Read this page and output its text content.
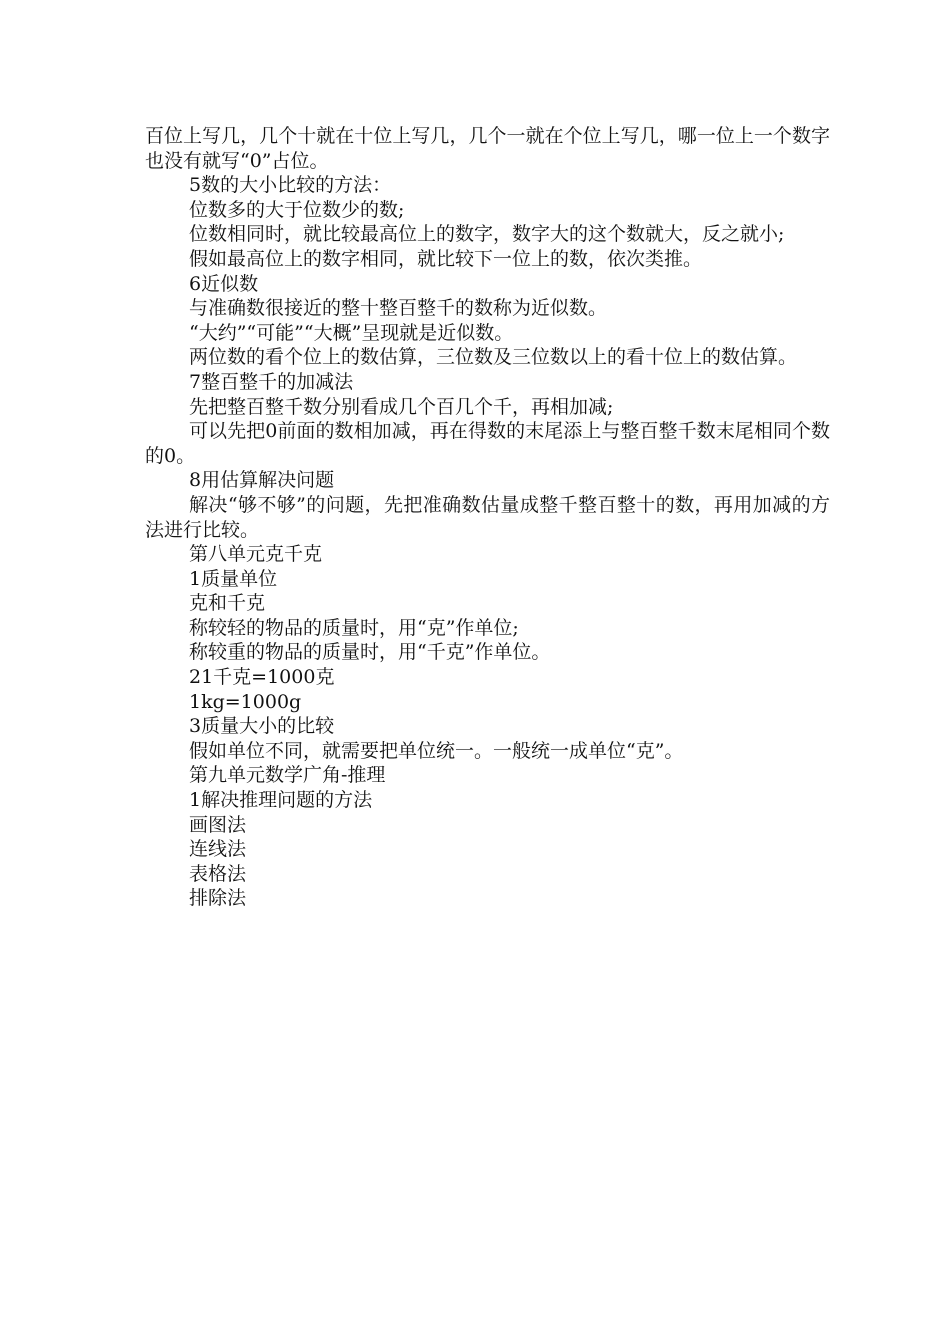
百位上写几，几个十就在十位上写几，几个一就在个位上写几，哪一位上一个数字也没有就写“0”占位。

5数的大小比较的方法：

位数多的大于位数少的数;

位数相同时，就比较最高位上的数字，数字大的这个数就大，反之就小;

假如最高位上的数字相同，就比较下一位上的数，依次类推。

6近似数

与准确数很接近的整十整百整千的数称为近似数。

“大约”“可能”“大概”呈现就是近似数。

两位数的看个位上的数估算，三位数及三位数以上的看十位上的数估算。

7整百整千的加减法

先把整百整千数分别看成几个百几个千，再相加减;

可以先把0前面的数相加减，再在得数的末尾添上与整百整千数末尾相同个数的0。

8用估算解决问题

解决“够不够”的问题，先把准确数估量成整千整百整十的数，再用加减的方法进行比较。

第八单元克千克

1质量单位

克和千克

称较轻的物品的质量时，用“克”作单位;

称较重的物品的质量时，用“千克”作单位。

21千克=1000克

1kg=1000g

3质量大小的比较

假如单位不同，就需要把单位统一。一般统一成单位“克”。

第九单元数学广角-推理

1解决推理问题的方法

画图法

连线法

表格法

排除法
